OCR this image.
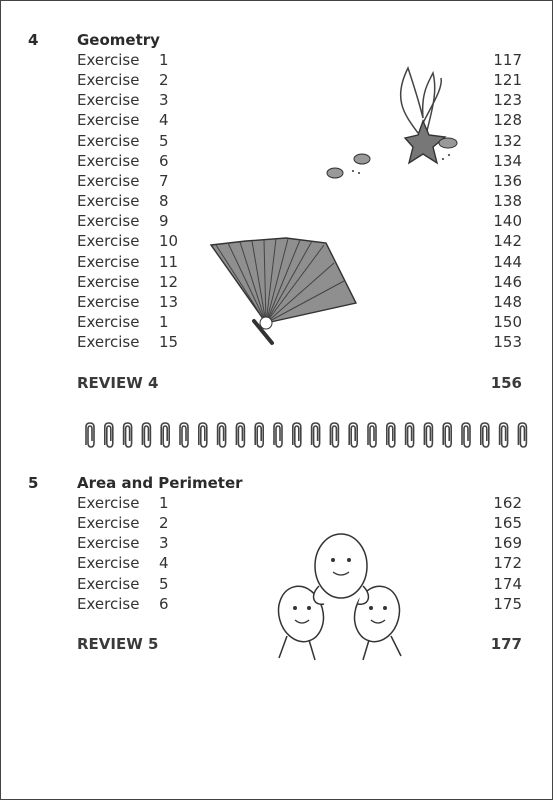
4	Geometry
Exercise 1	117
Exercise 2	121
Exercise 3	123
Exercise 4	128
Exercise 5	132
Exercise 6	134
Exercise 7	136
Exercise 8	138
Exercise 9	140
Exercise 10	142
Exercise 11	144
Exercise 12	146
Exercise 13	148
Exercise 1	150
Exercise 15	153
REVIEW 4	156
5	Area and Perimeter
Exercise 1	162
Exercise 2	165
Exercise 3	169
Exercise 4	172
Exercise 5	174
Exercise 6	175
REVIEW 5	177
